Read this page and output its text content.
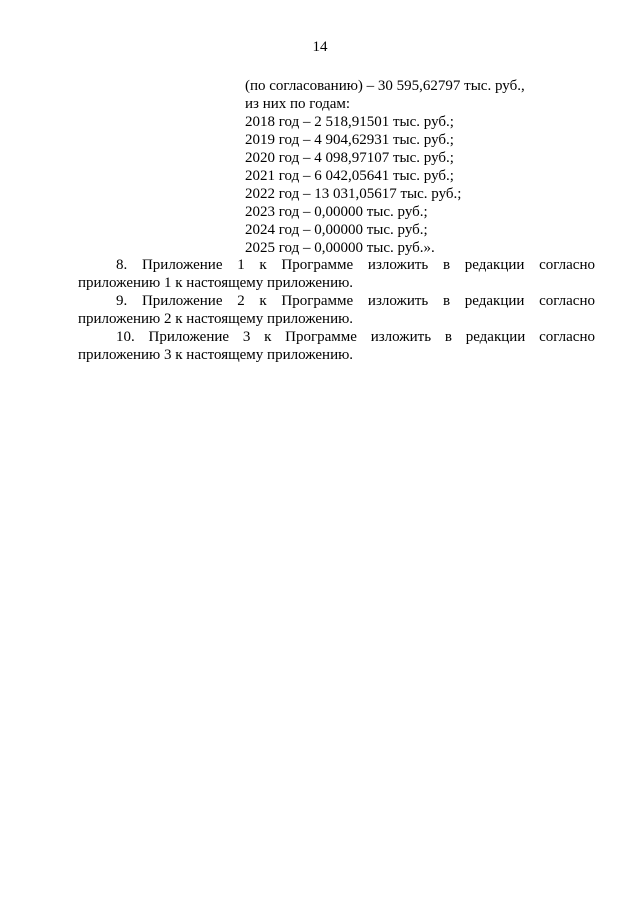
14
(по согласованию) – 30 595,62797 тыс. руб.,
из них по годам:
2018 год – 2 518,91501 тыс. руб.;
2019 год – 4 904,62931 тыс. руб.;
2020 год – 4 098,97107 тыс. руб.;
2021 год – 6 042,05641 тыс. руб.;
2022 год – 13 031,05617 тыс. руб.;
2023 год – 0,00000 тыс. руб.;
2024 год – 0,00000 тыс. руб.;
2025 год – 0,00000 тыс. руб.».

8. Приложение 1 к Программе изложить в редакции согласно
приложению 1 к настоящему приложению.

9. Приложение 2 к Программе изложить в редакции согласно
приложению 2 к настоящему приложению.

10. Приложение 3 к Программе изложить в редакции согласно
приложению 3 к настоящему приложению.
